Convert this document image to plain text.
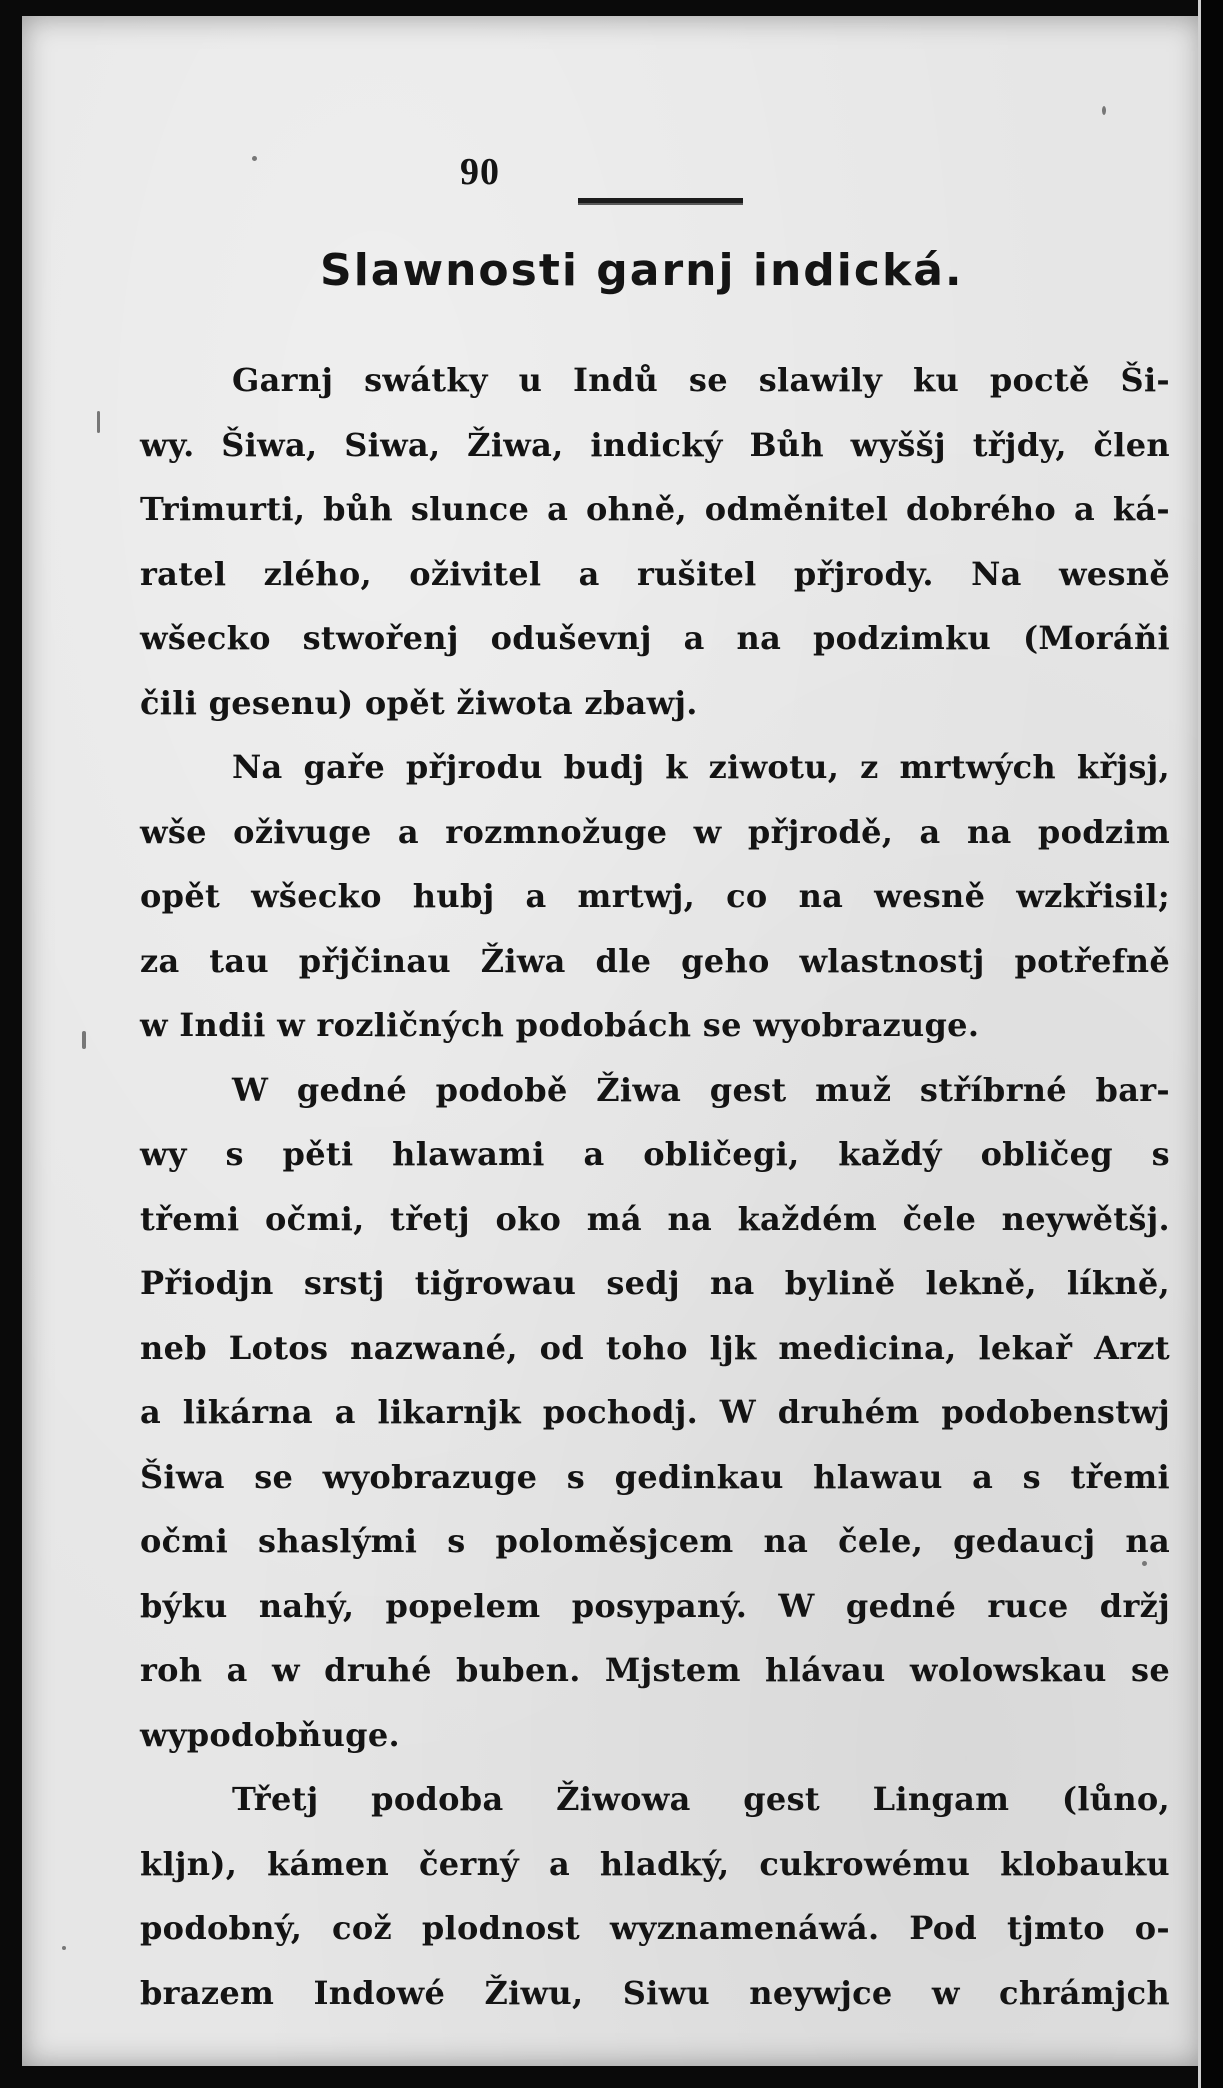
90
Slawnosti garnj indická.

Garnj swátky u Indů se slawily ku poctě Ši-
wy. Šiwa, Siwa, Žiwa, indický Bůh wyššj třjdy, člen
Trimurti, bůh slunce a ohně, odměnitel dobrého a ká-
ratel zlého, oživitel a rušitel přjrody. Na wesně
wšecko stwořenj oduševnj a na podzimku (Moráňi
čili gesenu) opět žiwota zbawj.

Na gaře přjrodu budj k ziwotu, z mrtwých křjsj,
wše oživuge a rozmnožuge w přjrodě, a na podzim
opět wšecko hubj a mrtwj, co na wesně wzkřisil;
za tau přjčinau Žiwa dle geho wlastnostj potřefně
w Indii w rozličných podobách se wyobrazuge.

W gedné podobě Žiwa gest muž stříbrné bar-
wy s pěti hlawami a obličegi, každý obličeg s
třemi očmi, třetj oko má na každém čele neywětšj.
Přiodjn srstj tiğrowau sedj na bylině lekně, líkně,
neb Lotos nazwané, od toho ljk medicina, lekař Arzt
a likárna a likarnjk pochodj. W druhém podobenstwj
Šiwa se wyobrazuge s gedinkau hlawau a s třemi
očmi shaslými s poloměsjcem na čele, gedaucj na
býku nahý, popelem posypaný. W gedné ruce držj
roh a w druhé buben. Mjstem hlávau wolowskau se
wypodobňuge.

Třetj podoba Žiwowa gest Lingam (lůno,
kljn), kámen černý a hladký, cukrowému klobauku
podobný, což plodnost wyznamenáwá. Pod tjmto o-
brazem Indowé Žiwu, Siwu neywjce w chrámjch
